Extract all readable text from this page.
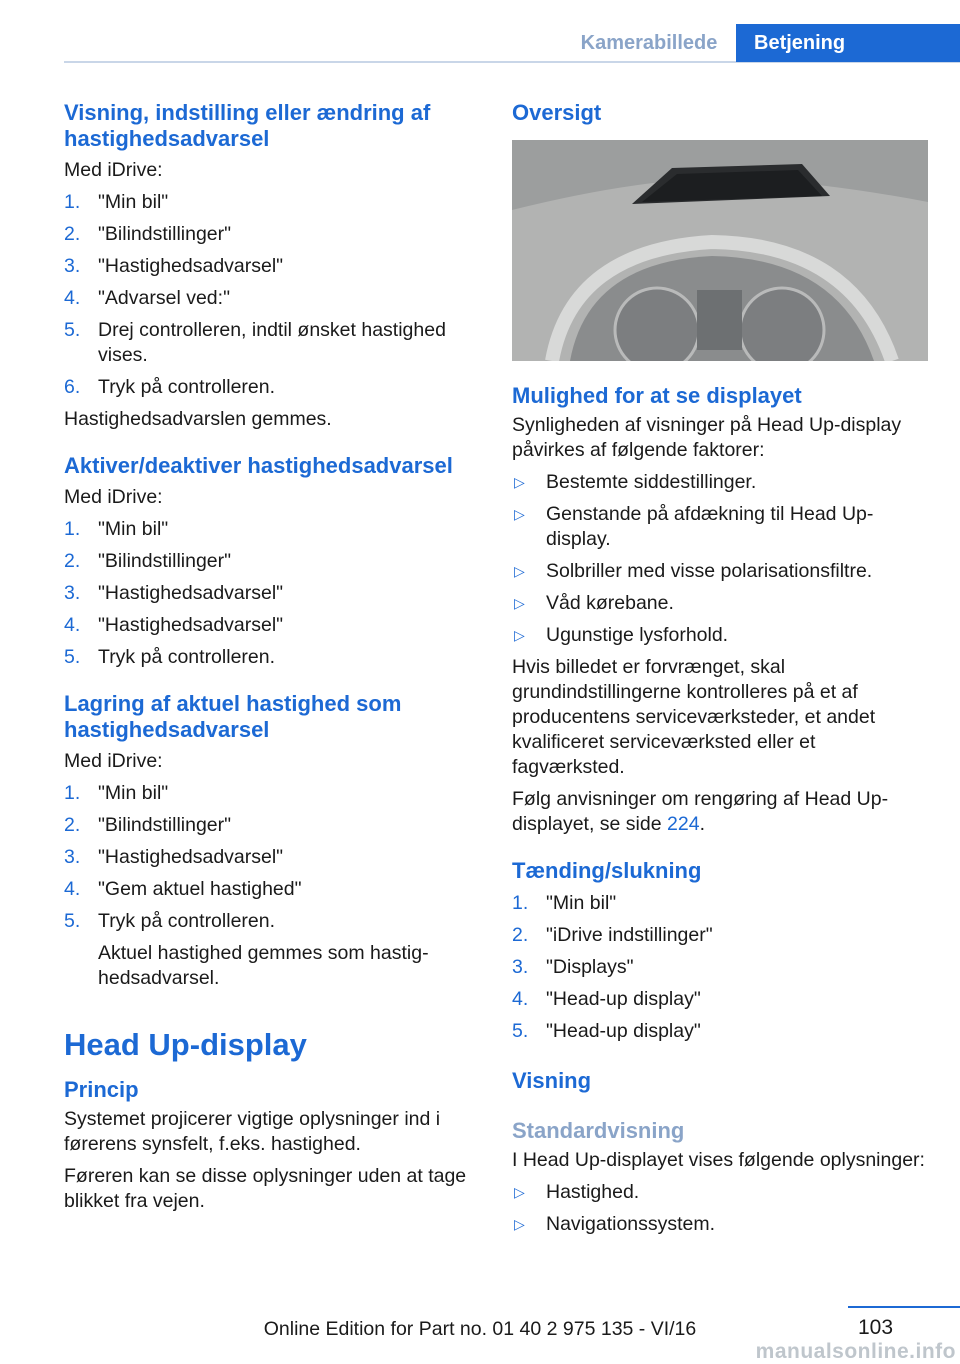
Kamerabillede	Betjening
Visning, indstilling eller ændring af
hastighedsadvarsel

Med iDrive:

1. "Min bil"
2. "Bilindstillinger"
3. "Hastighedsadvarsel"
4. "Advarsel ved:"
5. Drej controlleren, indtil ønsket hastighed vises.
6. Tryk på controlleren.

Hastighedsadvarslen gemmes.

Aktiver/deaktiver hastighedsadvarsel

Med iDrive:

1. "Min bil"
2. "Bilindstillinger"
3. "Hastighedsadvarsel"
4. "Hastighedsadvarsel"
5. Tryk på controlleren.
Lagring af aktuel hastighed som
hastighedsadvarsel

Med iDrive:

1. "Min bil"
2. "Bilindstillinger"
3. "Hastighedsadvarsel"
4. "Gem aktuel hastighed"
5. Tryk på controlleren.

Aktuel hastighed gemmes som hastig-hedsadvarsel.

Head Up-display
Princip

Systemet projicerer vigtige oplysninger ind i førerens synsfelt, f.eks. hastighed.

Føreren kan se disse oplysninger uden at tage blikket fra vejen.

Oversigt
Mulighed for at se displayet

Synligheden af visninger på Head Up-display påvirkes af følgende faktorer:

▷	Bestemte siddestillinger.
▷	Genstande på afdækning til Head Up-display.
▷	Solbriller med visse polarisationsfiltre.
▷	Våd kørebane.
▷	Ugunstige lysforhold.

Hvis billedet er forvrænget, skal grundindstillingerne kontrolleres på et af producentens serviceværksteder, et andet kvalificeret serviceværksted eller et fagværksted.

Følg anvisninger om rengøring af Head Up-displayet, se side 224.

Tænding/slukning
1. "Min bil"
2. "iDrive indstillinger"
3. "Displays"
4. "Head-up display"
5. "Head-up display"
Visning
Standardvisning

I Head Up-displayet vises følgende oplysninger:

▷	Hastighed.
▷	Navigationssystem.
103
Online Edition for Part no. 01 40 2 975 135 - VI/16
manualsonline.info
